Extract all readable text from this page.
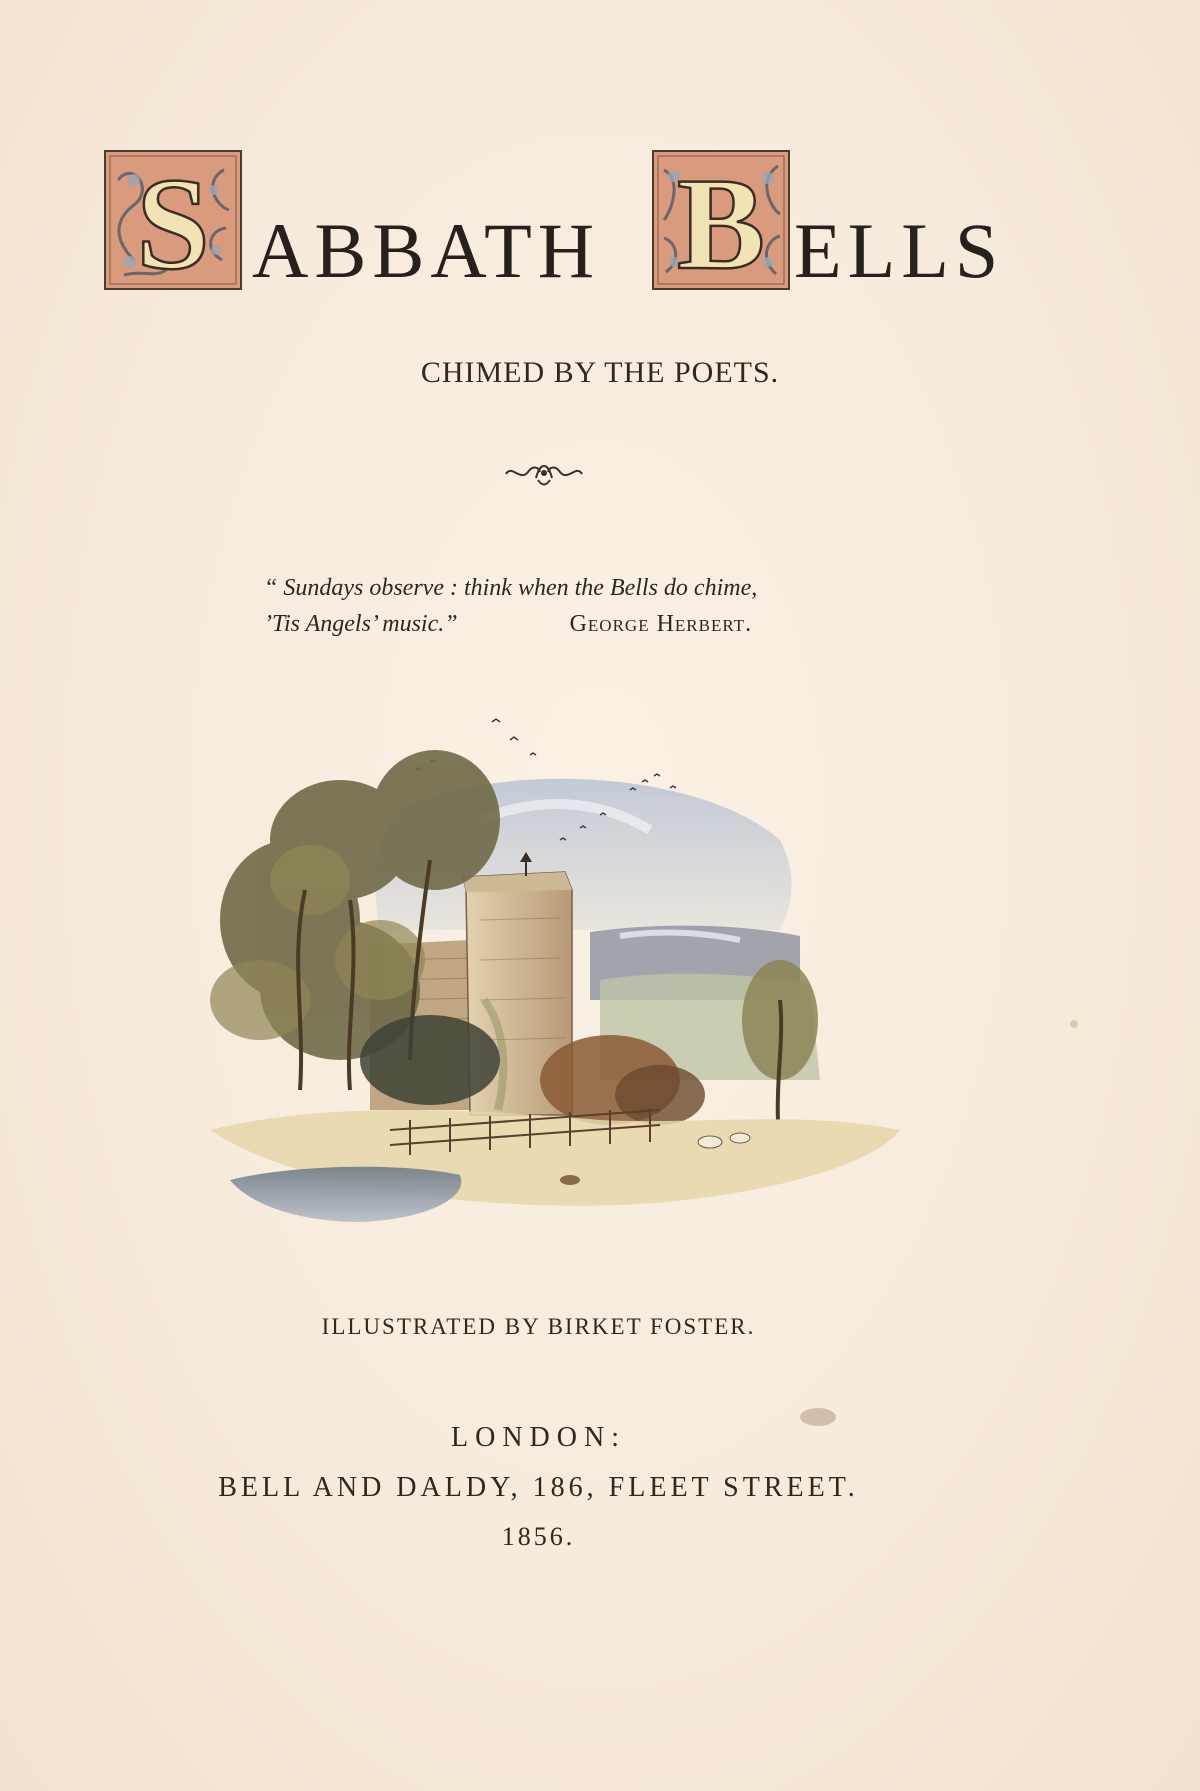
S ABBATH B ELLS
CHIMED BY THE POETS.
“ Sundays observe : think when the Bells do chime,
’Tis Angels’ music.”	George Herbert.
ILLUSTRATED BY BIRKET FOSTER.
LONDON:
BELL AND DALDY, 186, FLEET STREET.
1856.
